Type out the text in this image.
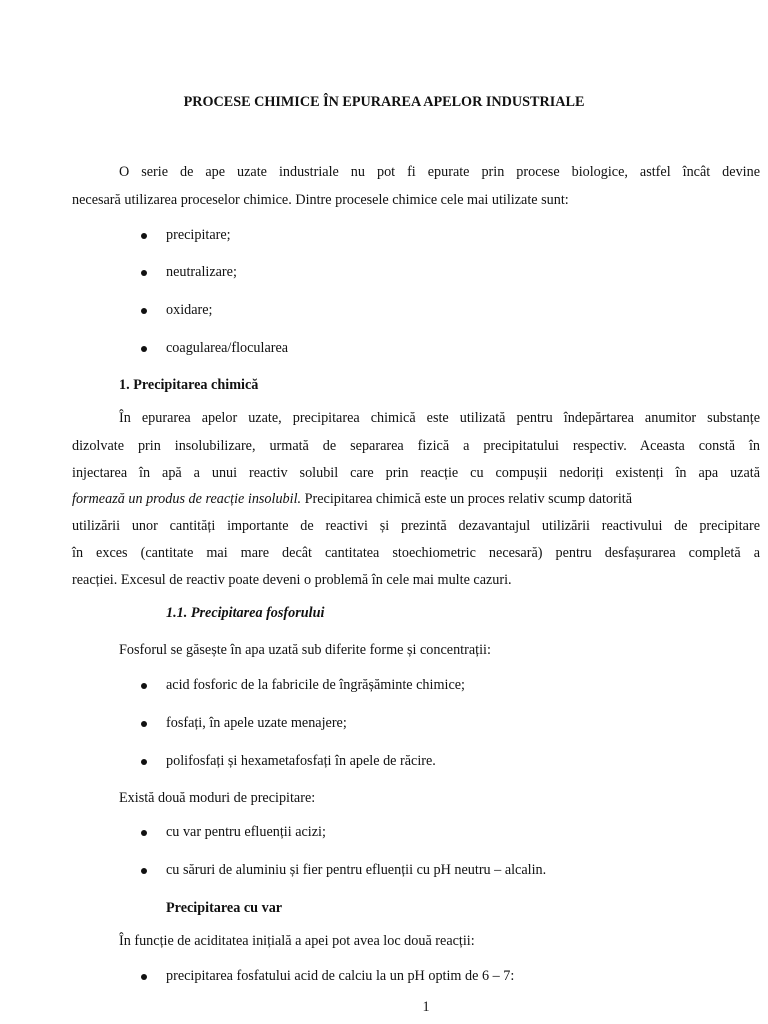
PROCESE CHIMICE ÎN EPURAREA APELOR INDUSTRIALE
O serie de ape uzate industriale nu pot fi epurate prin procese biologice, astfel încât devine
necesară utilizarea proceselor chimice. Dintre procesele chimice cele mai utilizate sunt:
precipitare;
neutralizare;
oxidare;
coagularea/flocularea
1. Precipitarea chimică
În epurarea apelor uzate, precipitarea chimică este utilizată pentru îndepărtarea anumitor substanțe
dizolvate prin insolubilizare, urmată de separarea fizică a precipitatului respectiv. Aceasta constă în
injectarea în apă a unui reactiv solubil care prin reacție cu compușii nedoriți existenți în apa uzată
formează un produs de reacție insolubil. Precipitarea chimică este un proces relativ scump datorită
utilizării unor cantități importante de reactivi și prezintă dezavantajul utilizării reactivului de precipitare
în exces (cantitate mai mare decât cantitatea stoechiometric necesară) pentru desfașurarea completă a
reacției. Excesul de reactiv poate deveni o problemă în cele mai multe cazuri.
1.1. Precipitarea fosforului
Fosforul se găsește în apa uzată sub diferite forme și concentrații:
acid fosforic de la fabricile de îngrășăminte chimice;
fosfați, în apele uzate menajere;
polifosfați și hexametafosfați în apele de răcire.
Există două moduri de precipitare:
cu var pentru efluenții acizi;
cu săruri de aluminiu și fier pentru efluenții cu pH neutru – alcalin.
Precipitarea cu var
În funcție de aciditatea inițială a apei pot avea loc două reacții:
precipitarea fosfatului acid de calciu la un pH optim de 6 – 7:
1
